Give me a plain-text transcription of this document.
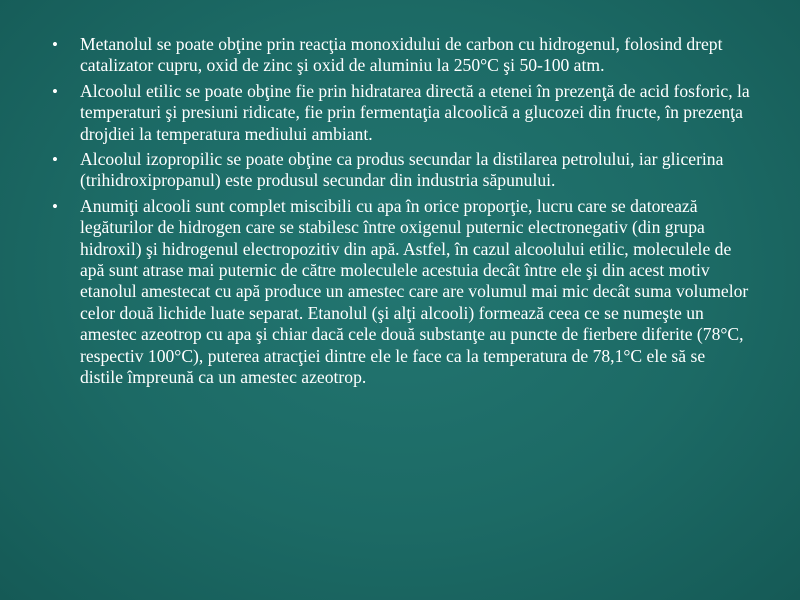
• Metanolul se poate obţine prin reacţia monoxidului de carbon cu hidrogenul, folosind drept catalizator cupru, oxid de zinc şi oxid de aluminiu la 250°C şi 50-100 atm.
• Alcoolul etilic se poate obţine fie prin hidratarea directă a etenei în prezenţă de acid fosforic, la temperaturi şi presiuni ridicate, fie prin fermentaţia alcoolică a glucozei din fructe, în prezenţa drojdiei la temperatura mediului ambiant.
• Alcoolul izopropilic se poate obţine ca produs secundar la distilarea petrolului, iar glicerina (trihidroxipropanul) este produsul secundar din industria săpunului.
• Anumiţi alcooli sunt complet miscibili cu apa în orice proporţie, lucru care se datorează legăturilor de hidrogen care se stabilesc între oxigenul puternic electronegativ (din grupa hidroxil) şi hidrogenul electropozitiv din apă. Astfel, în cazul alcoolului etilic, moleculele de apă sunt atrase mai puternic de către moleculele acestuia decât între ele şi din acest motiv etanolul amestecat cu apă produce un amestec care are volumul mai mic decât suma volumelor celor două lichide luate separat. Etanolul (şi alţi alcooli) formează ceea ce se numeşte un amestec azeotrop cu apa şi chiar dacă cele două substanţe au puncte de fierbere diferite (78°C, respectiv 100°C), puterea atracţiei dintre ele le face ca la temperatura de 78,1°C ele să se distile împreună ca un amestec azeotrop.
